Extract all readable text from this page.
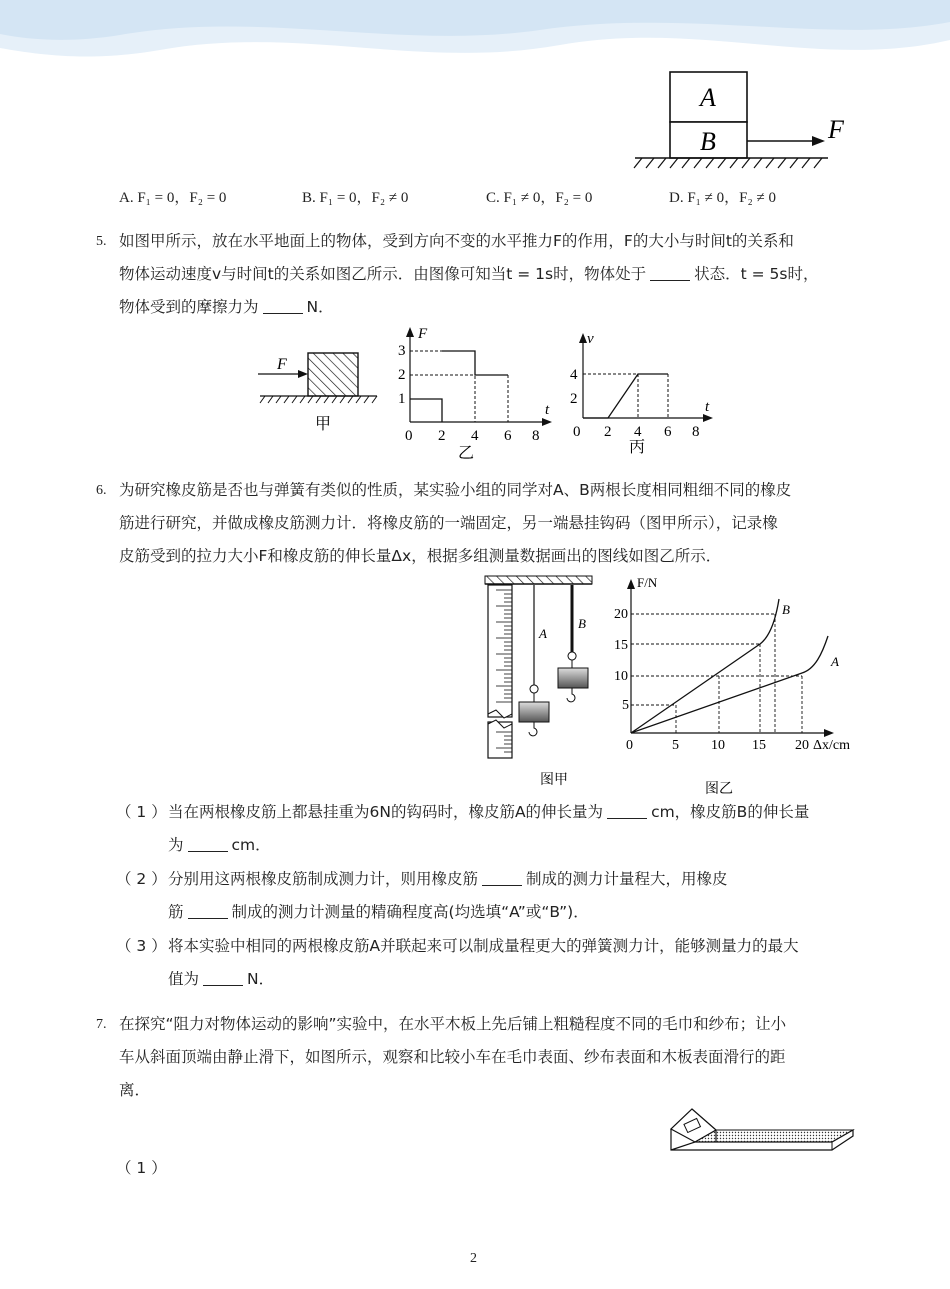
A
B	F
A. F₁ = 0，F₂ = 0	B. F₁ = 0，F₂ ≠ 0	C. F₁ ≠ 0，F₂ = 0	D. F₁ ≠ 0，F₂ ≠ 0
5. 如图甲所示，放在水平地面上的物体，受到方向不变的水平推力F的作用，F的大小与时间t的关系和
物体运动速度v与时间t的关系如图乙所示．由图像可知当t = 1s时，物体处于	状态．t = 5s时，
物体受到的摩擦力为	N．
F
甲
F
t
3
2
1
0 2 4 6 8
乙
v
t
4
2
0 2 4 6 8
丙
6. 为研究橡皮筋是否也与弹簧有类似的性质，某实验小组的同学对A、B两根长度相同粗细不同的橡皮
筋进行研究，并做成橡皮筋测力计．将橡皮筋的一端固定，另一端悬挂钩码（图甲所示），记录橡
皮筋受到的拉力大小F和橡皮筋的伸长量Δx，根据多组测量数据画出的图线如图乙所示．
A
B
图甲
F/N
B
A
20
15
10
5
0	5 10 15 20 Δx/cm
图乙
（ 1 ） 当在两根橡皮筋上都悬挂重为6N的钩码时，橡皮筋A的伸长量为	cm，橡皮筋B的伸长量
为	cm．
（ 2 ） 分别用这两根橡皮筋制成测力计，则用橡皮筋	制成的测力计量程大，用橡皮
筋	制成的测力计测量的精确程度高(均选填“A”或“B”)．
（ 3 ） 将本实验中相同的两根橡皮筋A并联起来可以制成量程更大的弹簧测力计，能够测量力的最大
值为	N．
7. 在探究“阻力对物体运动的影响”实验中，在水平木板上先后铺上粗糙程度不同的毛巾和纱布；让小
车从斜面顶端由静止滑下，如图所示，观察和比较小车在毛巾表面、纱布表面和木板表面滑行的距
离．
（ 1 ）
2
